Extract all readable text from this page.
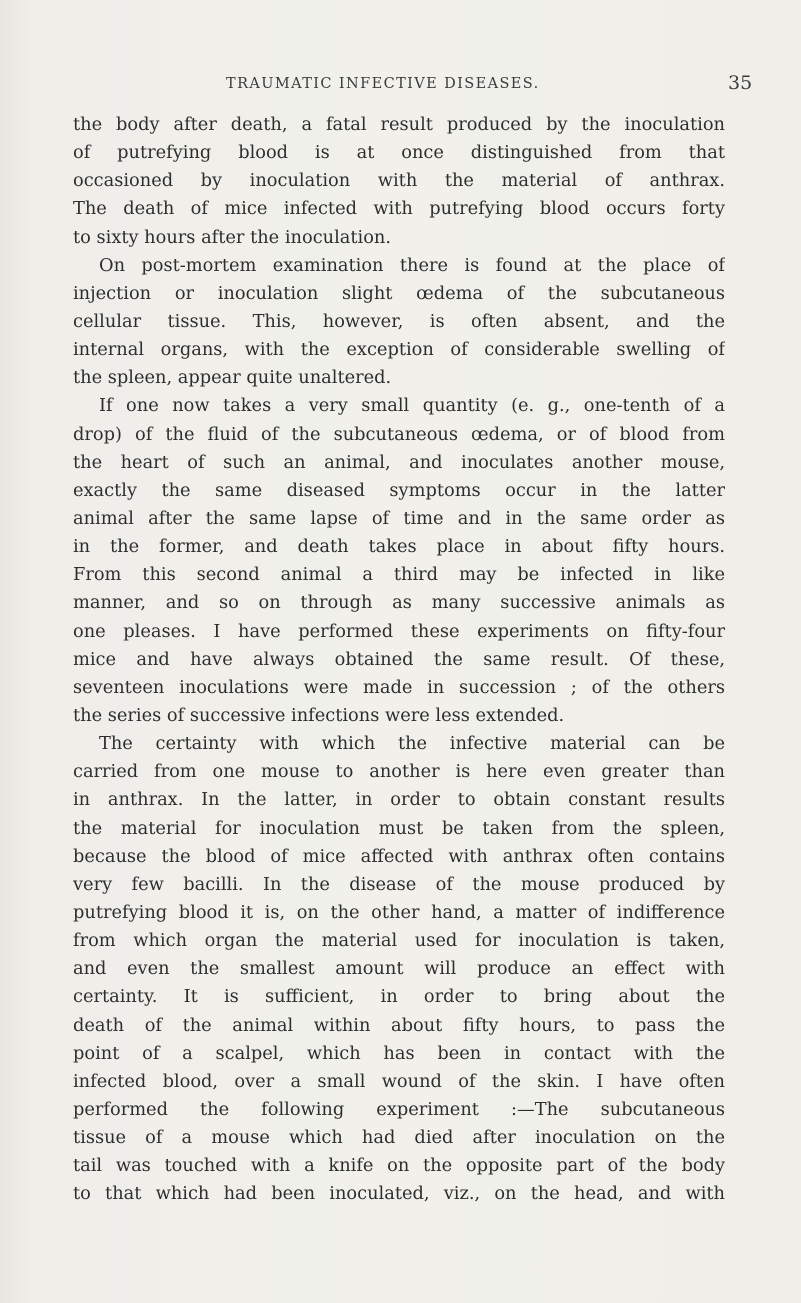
TRAUMATIC INFECTIVE DISEASES.	35
the body after death, a fatal result produced by the inoculation
of putrefying blood is at once distinguished from that
occasioned by inoculation with the material of anthrax.
The death of mice infected with putrefying blood occurs forty
to sixty hours after the inoculation.
On post-mortem examination there is found at the place of
injection or inoculation slight œdema of the subcutaneous
cellular tissue. This, however, is often absent, and the
internal organs, with the exception of considerable swelling of
the spleen, appear quite unaltered.
If one now takes a very small quantity (e. g., one-tenth of a
drop) of the fluid of the subcutaneous œdema, or of blood from
the heart of such an animal, and inoculates another mouse,
exactly the same diseased symptoms occur in the latter
animal after the same lapse of time and in the same order as
in the former, and death takes place in about fifty hours.
From this second animal a third may be infected in like
manner, and so on through as many successive animals as
one pleases. I have performed these experiments on fifty-four
mice and have always obtained the same result. Of these,
seventeen inoculations were made in succession ; of the others
the series of successive infections were less extended.
The certainty with which the infective material can be
carried from one mouse to another is here even greater than
in anthrax. In the latter, in order to obtain constant results
the material for inoculation must be taken from the spleen,
because the blood of mice affected with anthrax often contains
very few bacilli. In the disease of the mouse produced by
putrefying blood it is, on the other hand, a matter of indifference
from which organ the material used for inoculation is taken,
and even the smallest amount will produce an effect with
certainty. It is sufficient, in order to bring about the
death of the animal within about fifty hours, to pass the
point of a scalpel, which has been in contact with the
infected blood, over a small wound of the skin. I have often
performed the following experiment :—The subcutaneous
tissue of a mouse which had died after inoculation on the
tail was touched with a knife on the opposite part of the body
to that which had been inoculated, viz., on the head, and with
